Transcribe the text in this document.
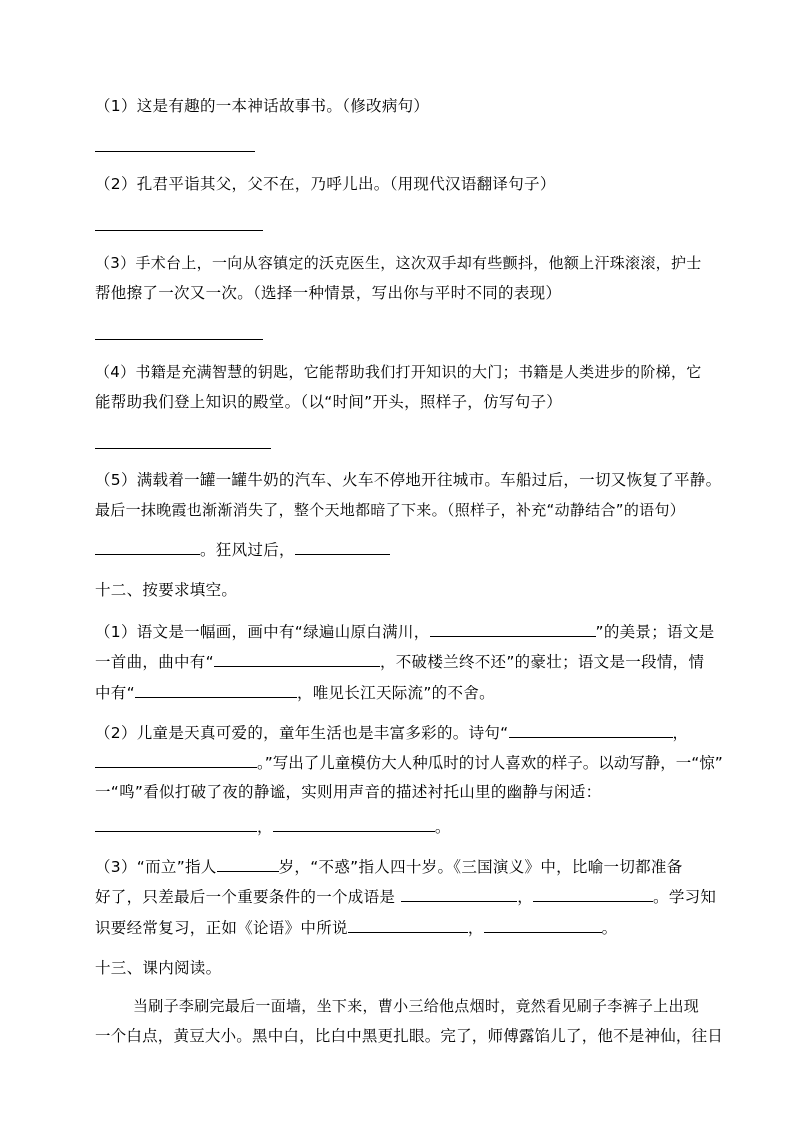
（1）这是有趣的一本神话故事书。（修改病句）
（2）孔君平诣其父，父不在，乃呼儿出。（用现代汉语翻译句子）
（3）手术台上，一向从容镇定的沃克医生，这次双手却有些颤抖，他额上汗珠滚滚，护士
帮他擦了一次又一次。（选择一种情景，写出你与平时不同的表现）
（4）书籍是充满智慧的钥匙，它能帮助我们打开知识的大门；书籍是人类进步的阶梯，它
能帮助我们登上知识的殿堂。（以“时间”开头，照样子，仿写句子）
（5）满载着一罐一罐牛奶的汽车、火车不停地开往城市。车船过后，一切又恢复了平静。
最后一抹晚霞也渐渐消失了，整个天地都暗了下来。（照样子，补充“动静结合”的语句）
。狂风过后，
十二、按要求填空。
（1）语文是一幅画，画中有“绿遍山原白满川，	”的美景；语文是
一首曲，曲中有“	，不破楼兰终不还”的豪壮；语文是一段情，情
中有“	，唯见长江天际流”的不舍。
（2）儿童是天真可爱的，童年生活也是丰富多彩的。诗句“	，
。”写出了儿童模仿大人种瓜时的讨人喜欢的样子。以动写静，一“惊”
一“鸣”看似打破了夜的静谧，实则用声音的描述衬托山里的幽静与闲适：
，	。
（3）“而立”指人	岁，“不惑”指人四十岁。《三国演义》中，比喻一切都准备
好了，只差最后一个重要条件的一个成语是	，	。学习知
识要经常复习，正如《论语》中所说	，	。
十三、课内阅读。
当刷子李刷完最后一面墙，坐下来，曹小三给他点烟时，竟然看见刷子李裤子上出现
一个白点，黄豆大小。黑中白，比白中黑更扎眼。完了，师傅露馅儿了，他不是神仙，往日
